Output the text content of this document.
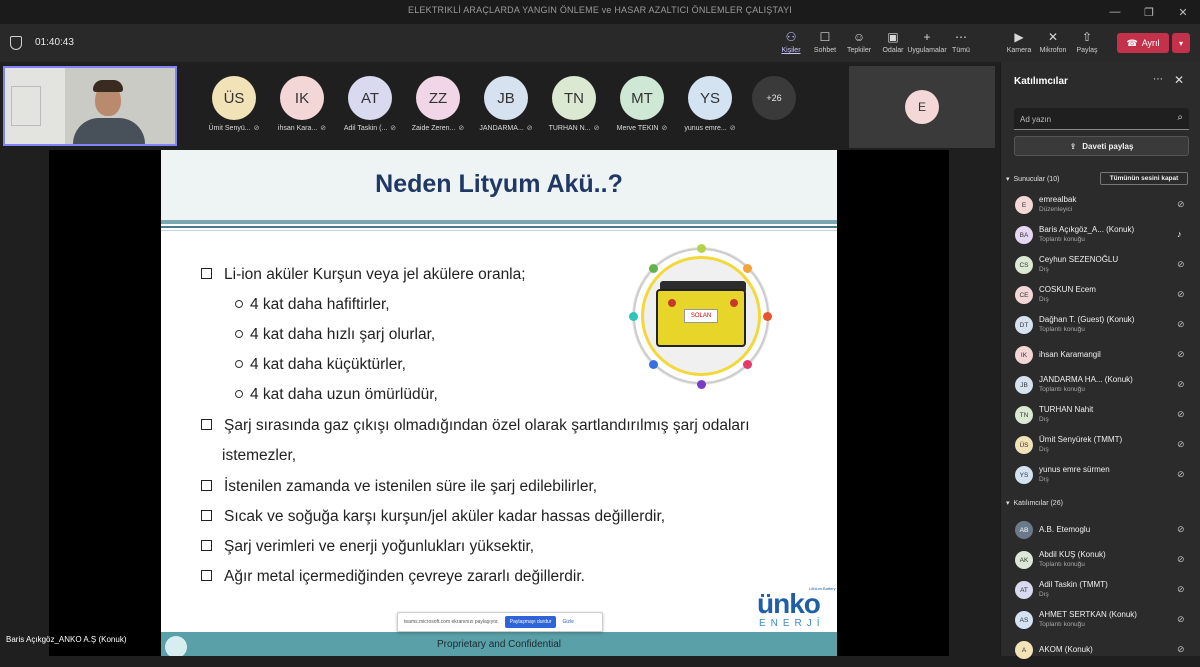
ELEKTRIKLİ ARAÇLARDA YANGIN ÖNLEME ve HASAR AZALTICI ÖNLEMLER ÇALIŞTAYI	—	❐	✕
01:40:43	⚇
Kişiler
☐
Sohbet
☺
Tepkiler
▣
Odalar
+
Uygulamalar
⋯
Tümü
▶
Kamera
✕
Mikrofon
⇧
Paylaş
☎ Ayrıl	▾
ÜS
Ümit Senyü... ⊘
IK
ihsan Kara... ⊘
AT
Adil Taskin (... ⊘
ZZ
Zaide Zeren... ⊘
JB
JANDARMA... ⊘
TN
TURHAN N... ⊘
MT
Merve TEKIN ⊘
YS
yunus emre... ⊘
+26
E
Neden Lityum Akü..?
Li-ion aküler Kurşun veya jel akülere oranla;
4 kat daha hafiftirler,
4 kat daha hızlı şarj olurlar,
4 kat daha küçüktürler,
4 kat daha uzun ömürlüdür,
Şarj sırasında gaz çıkışı olmadığından özel olarak şartlandırılmış şarj odaları
istemezler,
İstenilen zamanda ve istenilen süre ile şarj edilebilirler,
Sıcak ve soğuğa karşı kurşun/jel aküler kadar hassas değillerdir,
Şarj verimleri ve enerji yoğunlukları yüksektir,
Ağır metal içermediğinden çevreye zararlı değillerdir.
SOLAN
ünko
ENERJİ
Lithium Battery
Proprietary and Confidential
teams.microsoft.com ekranınızı paylaşıyor.	Paylaşmayı durdur	Gizle
Baris Açıkgöz_ANKO A.Ş (Konuk)
Katılımcılar	⋯ ✕
Ad yazın
⌕
⇪ Daveti paylaş
▾ Sunucular (10)	Tümünün sesini kapat
E
emrealbak
Düzenleyici
⊘
BA
Baris Açıkgöz_A... (Konuk)
Toplantı konuğu
♪
CS
Ceyhun SEZENOĞLU
Dış
⊘
CE
COSKUN Ecem
Dış
⊘
DT
Dağhan T. (Guest) (Konuk)
Toplantı konuğu
⊘
IK	ihsan Karamangil	⊘
JB
JANDARMA HA... (Konuk)
Toplantı konuğu
⊘
TN
TURHAN Nahit
Dış
⊘
ÜS
Ümit Senyürek (TMMT)
Dış
⊘
YS
yunus emre sürmen
Dış
⊘
▾ Katılımcılar (26)
AB	A.B. Etemoglu	⊘
AK
Abdil KUŞ (Konuk)
Toplantı konuğu
⊘
AT
Adil Taskin (TMMT)
Dış
⊘
AS
AHMET SERTKAN (Konuk)
Toplantı konuğu
⊘
A	AKOM (Konuk)	⊘
